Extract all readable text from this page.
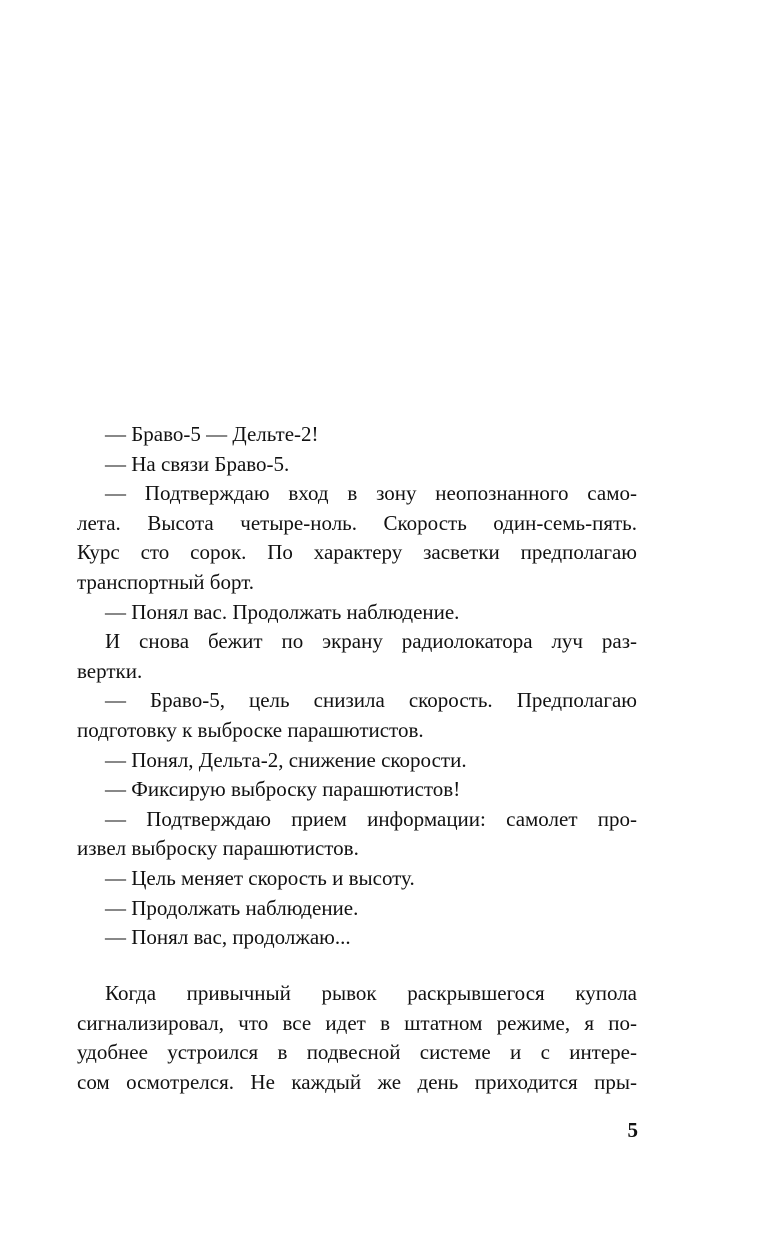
— Браво-5 — Дельте-2!
— На связи Браво-5.
— Подтверждаю вход в зону неопознанного само-
лета. Высота четыре-ноль. Скорость один-семь-пять.
Курс сто сорок. По характеру засветки предполагаю
транспортный борт.
— Понял вас. Продолжать наблюдение.
И снова бежит по экрану радиолокатора луч раз-
вертки.
— Браво-5, цель снизила скорость. Предполагаю
подготовку к выброске парашютистов.
— Понял, Дельта-2, снижение скорости.
— Фиксирую выброску парашютистов!
— Подтверждаю прием информации: самолет про-
извел выброску парашютистов.
— Цель меняет скорость и высоту.
— Продолжать наблюдение.
— Понял вас, продолжаю...
Когда привычный рывок раскрывшегося купола
сигнализировал, что все идет в штатном режиме, я по-
удобнее устроился в подвесной системе и с интере-
сом осмотрелся. Не каждый же день приходится пры-
5
